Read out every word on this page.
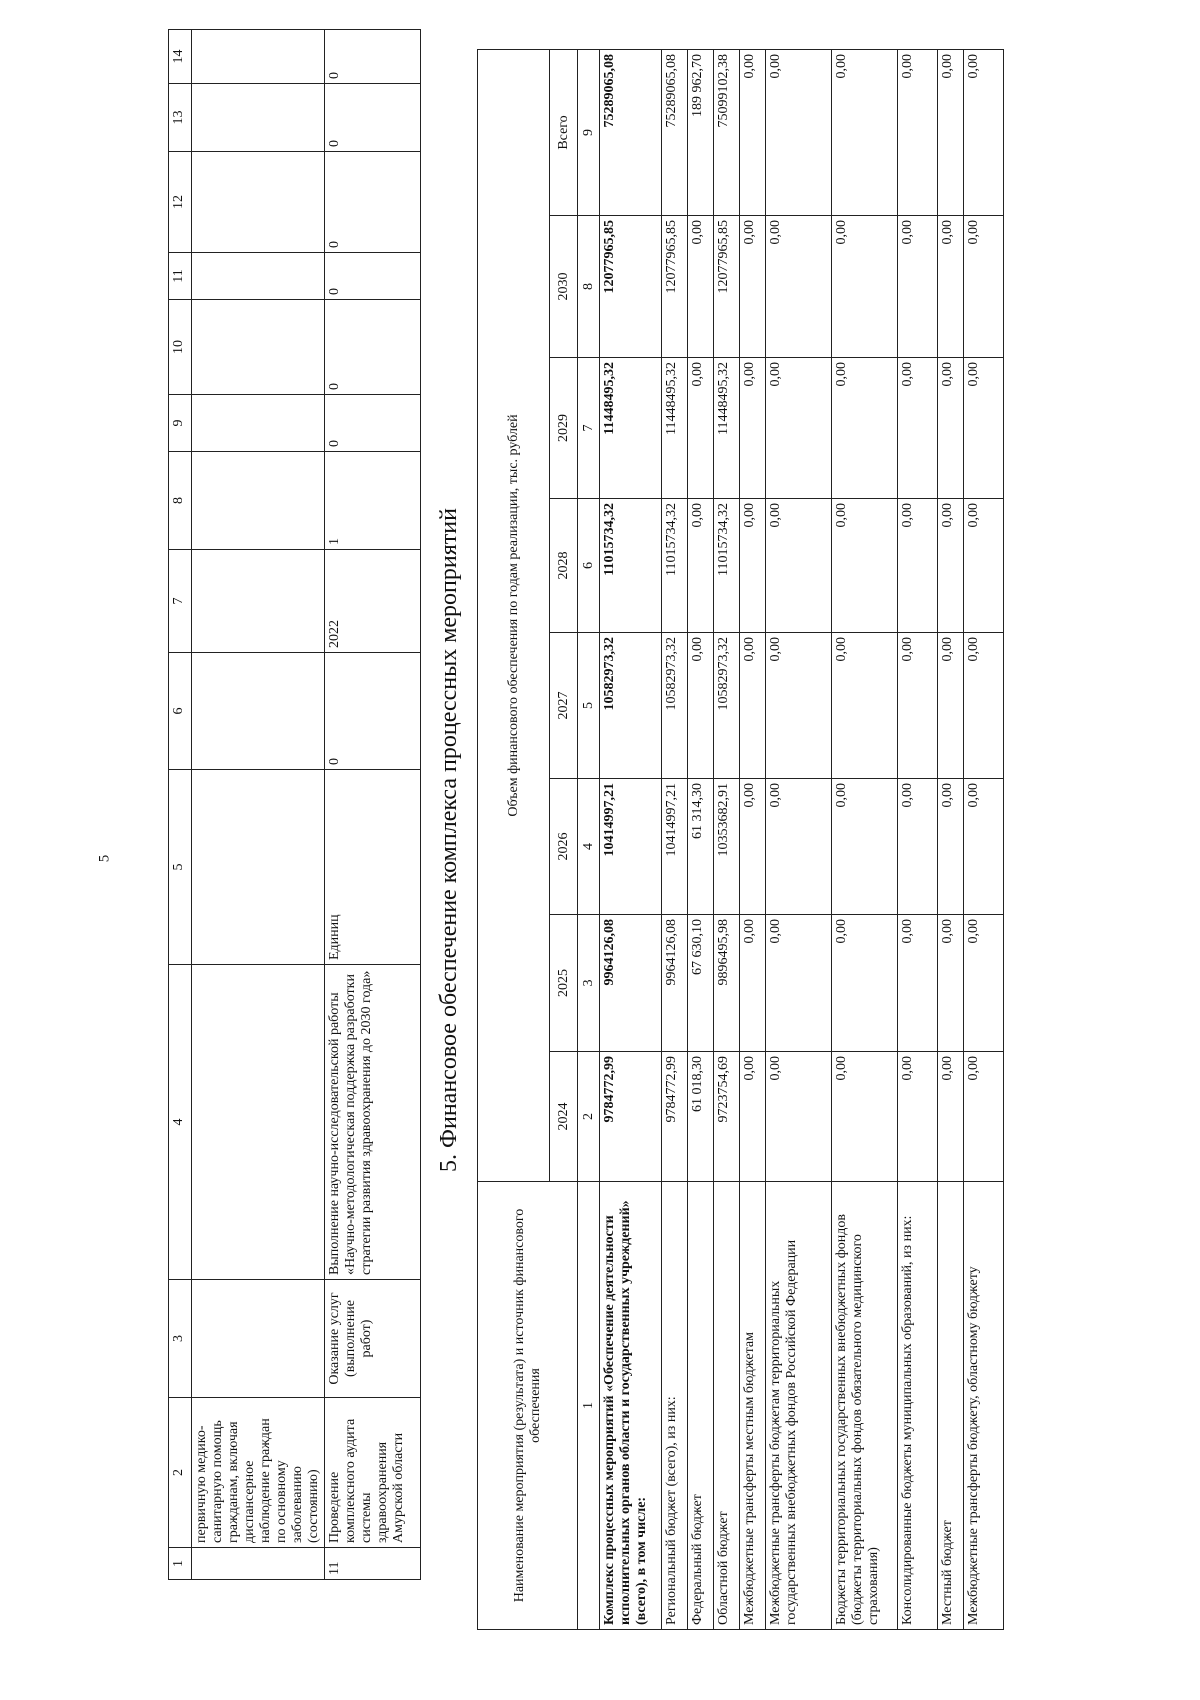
5
1	2	3	4	5	6	7	8	9	10	11	12	13	14
	первичную медико-санитарную помощь гражданам, включая диспансерное наблюдение граждан по основному заболеванию (состоянию)												
11	Проведение комплексного аудита системы здравоохранения Амурской области	Оказание услуг (выполнение работ)	Выполнение научно-исследовательской работы «Научно-методологическая поддержка разработки стратегии развития здравоохранения до 2030 года»	Единиц	0	2022	1	0	0	0	0	0	0
5. Финансовое обеспечение комплекса процессных мероприятий
Наименование мероприятия (результата) и источник финансового обеспечения	Объем финансового обеспечения по годам реализации, тыс. рублей							
	2024	2025	2026	2027	2028	2029	2030	Всего
1	2	3	4	5	6	7	8	9
Комплекс процессных мероприятий «Обеспечение деятельности исполнительных органов области и государственных учреждений» (всего), в том числе:	9784772,99	9964126,08	10414997,21	10582973,32	11015734,32	11448495,32	12077965,85	75289065,08
Региональный бюджет (всего), из них:	9784772,99	9964126,08	10414997,21	10582973,32	11015734,32	11448495,32	12077965,85	75289065,08
Федеральный бюджет	61 018,30	67 630,10	61 314,30	0,00	0,00	0,00	0,00	189 962,70
Областной бюджет	9723754,69	9896495,98	10353682,91	10582973,32	11015734,32	11448495,32	12077965,85	75099102,38
Межбюджетные трансферты местным бюджетам	0,00	0,00	0,00	0,00	0,00	0,00	0,00	0,00
Межбюджетные трансферты бюджетам территориальных государственных внебюджетных фондов Российской Федерации	0,00	0,00	0,00	0,00	0,00	0,00	0,00	0,00
Бюджеты территориальных государственных внебюджетных фондов (бюджеты территориальных фондов обязательного медицинского страхования)	0,00	0,00	0,00	0,00	0,00	0,00	0,00	0,00
Консолидированные бюджеты муниципальных образований, из них:	0,00	0,00	0,00	0,00	0,00	0,00	0,00	0,00
Местный бюджет	0,00	0,00	0,00	0,00	0,00	0,00	0,00	0,00
Межбюджетные трансферты бюджету, областному бюджету	0,00	0,00	0,00	0,00	0,00	0,00	0,00	0,00
